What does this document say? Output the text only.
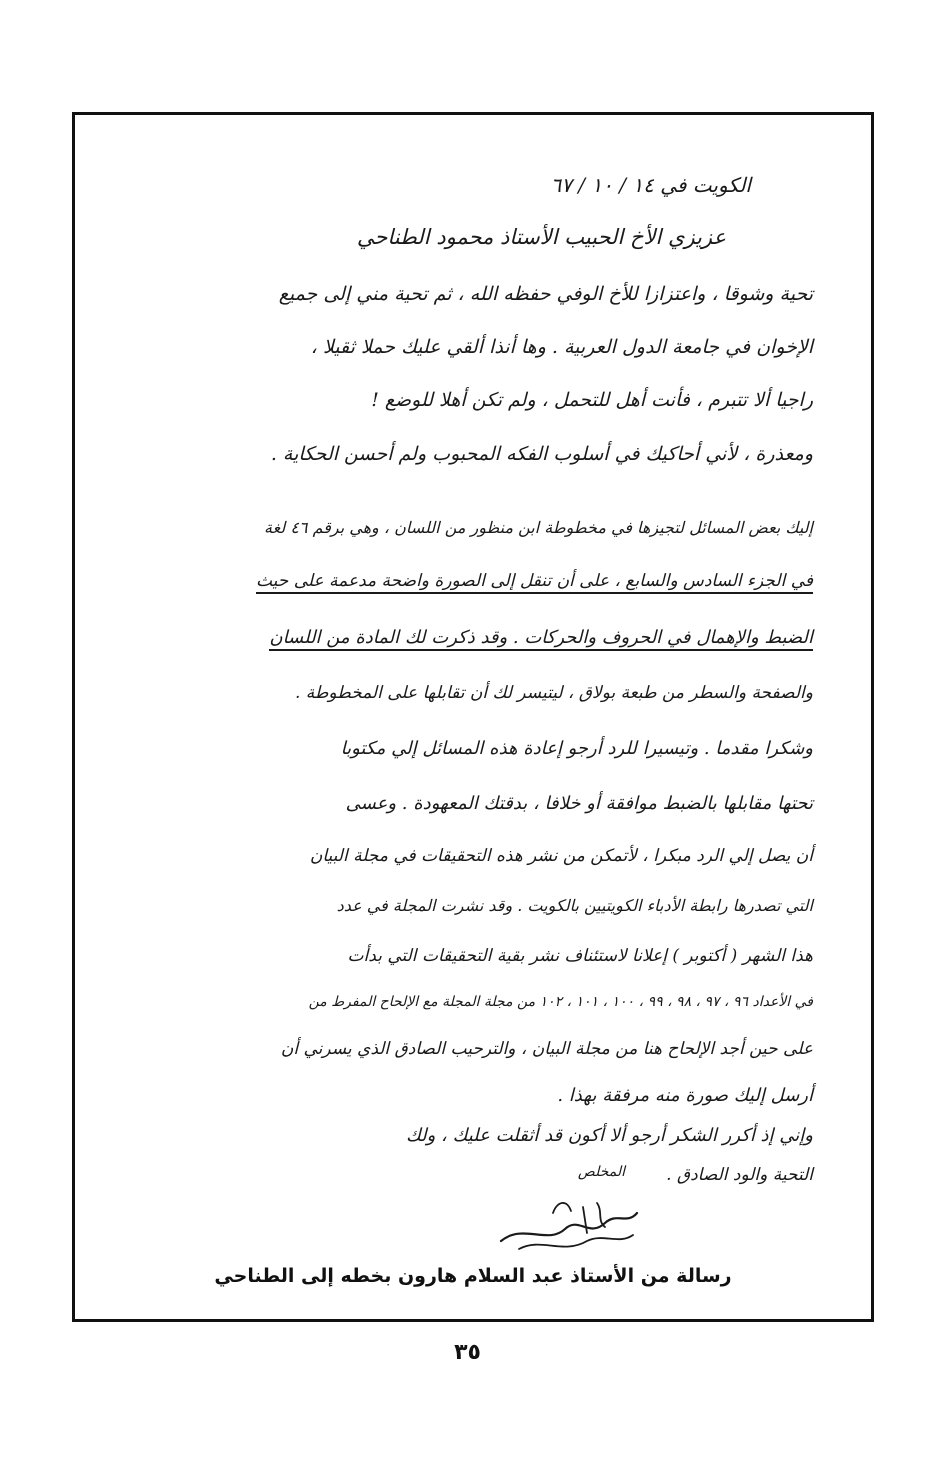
الكويت في ١٤ / ١٠ / ٦٧
عزيزي الأخ الحبيب الأستاذ محمود الطناحي
تحية وشوقا ، واعتزازا للأخ الوفي حفظه الله ، ثم تحية مني إلى جميع
الإخوان في جامعة الدول العربية . وها أنذا ألقي عليك حملا ثقيلا ،
راجيا ألا تتبرم ، فأنت أهل للتحمل ، ولم تكن أهلا للوضع !
ومعذرة ، لأني أحاكيك في أسلوب الفكه المحبوب ولم أحسن الحكاية .
إليك بعض المسائل لتجيزها في مخطوطة ابن منظور من اللسان ، وهي برقم ٤٦ لغة
في الجزء السادس والسابع ، على أن تنقل إلى الصورة واضحة مدعمة على حيث
الضبط والإهمال في الحروف والحركات . وقد ذكرت لك المادة من اللسان
والصفحة والسطر من طبعة بولاق ، ليتيسر لك أن تقابلها على المخطوطة .
وشكرا مقدما . وتيسيرا للرد أرجو إعادة هذه المسائل إلي مكتوبا
تحتها مقابلها بالضبط موافقة أو خلافا ، بدقتك المعهودة . وعسى
أن يصل إلي الرد مبكرا ، لأتمكن من نشر هذه التحقيقات في مجلة البيان
التي تصدرها رابطة الأدباء الكويتيين بالكويت . وقد نشرت المجلة في عدد
هذا الشهر ( أكتوبر ) إعلانا لاستئناف نشر بقية التحقيقات التي بدأت
في الأعداد ٩٦ ، ٩٧ ، ٩٨ ، ٩٩ ، ١٠٠ ، ١٠١ ، ١٠٢ من مجلة المجلة مع الإلحاح المفرط من
على حين أجد الإلحاح هنا من مجلة البيان ، والترحيب الصادق الذي يسرني أن
أرسل إليك صورة منه مرفقة بهذا .
وإني إذ أكرر الشكر أرجو ألا أكون قد أثقلت عليك ، ولك
التحية والود الصادق .
المخلص
رسالة من الأستاذ عبد السلام هارون بخطه إلى الطناحي
٣٥
